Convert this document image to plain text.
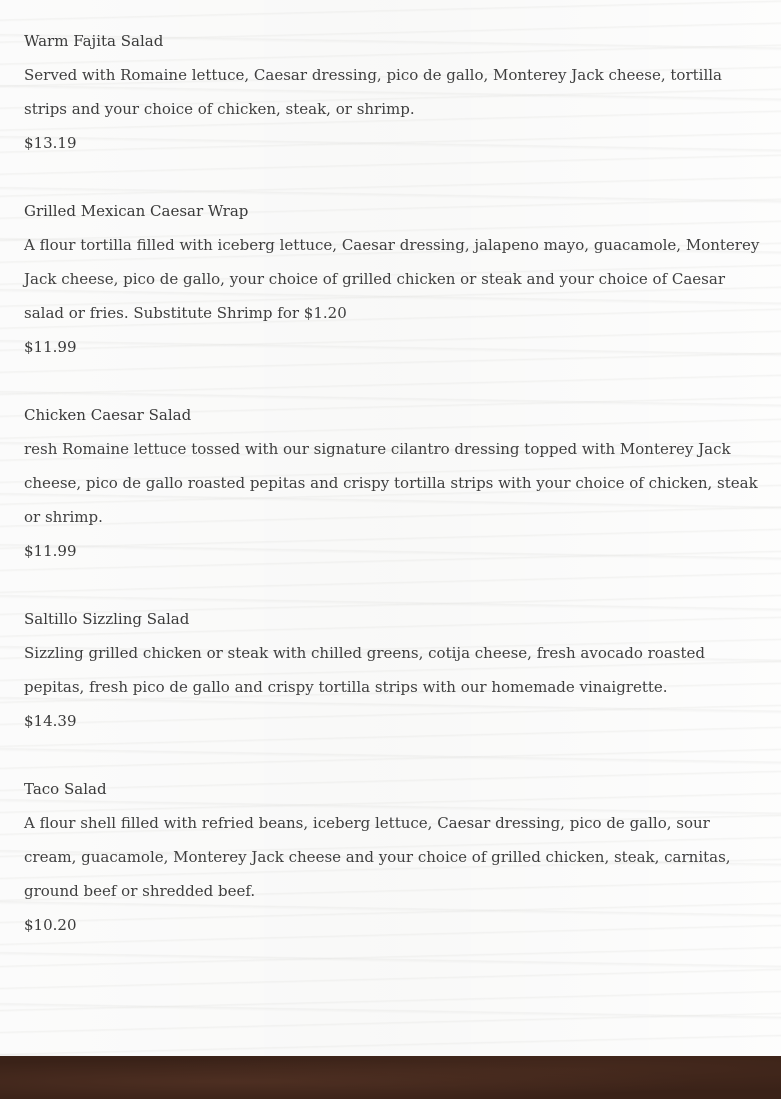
Warm Fajita Salad

Served with Romaine lettuce, Caesar dressing, pico de gallo, Monterey Jack cheese, tortilla strips and your choice of chicken, steak, or shrimp.

$13.19

Grilled Mexican Caesar Wrap

A flour tortilla filled with iceberg lettuce, Caesar dressing, jalapeno mayo, guacamole, Monterey Jack cheese, pico de gallo, your choice of grilled chicken or steak and your choice of Caesar salad or fries. Substitute Shrimp for $1.20

$11.99

Chicken Caesar Salad

resh Romaine lettuce tossed with our signature cilantro dressing topped with Monterey Jack cheese, pico de gallo roasted pepitas and crispy tortilla strips with your choice of chicken, steak or shrimp.

$11.99

Saltillo Sizzling Salad

Sizzling grilled chicken or steak with chilled greens, cotija cheese, fresh avocado roasted pepitas, fresh pico de gallo and crispy tortilla strips with our homemade vinaigrette.

$14.39

Taco Salad

A flour shell filled with refried beans, iceberg lettuce, Caesar dressing, pico de gallo, sour cream, guacamole, Monterey Jack cheese and your choice of grilled chicken, steak, carnitas, ground beef or shredded beef.

$10.20
